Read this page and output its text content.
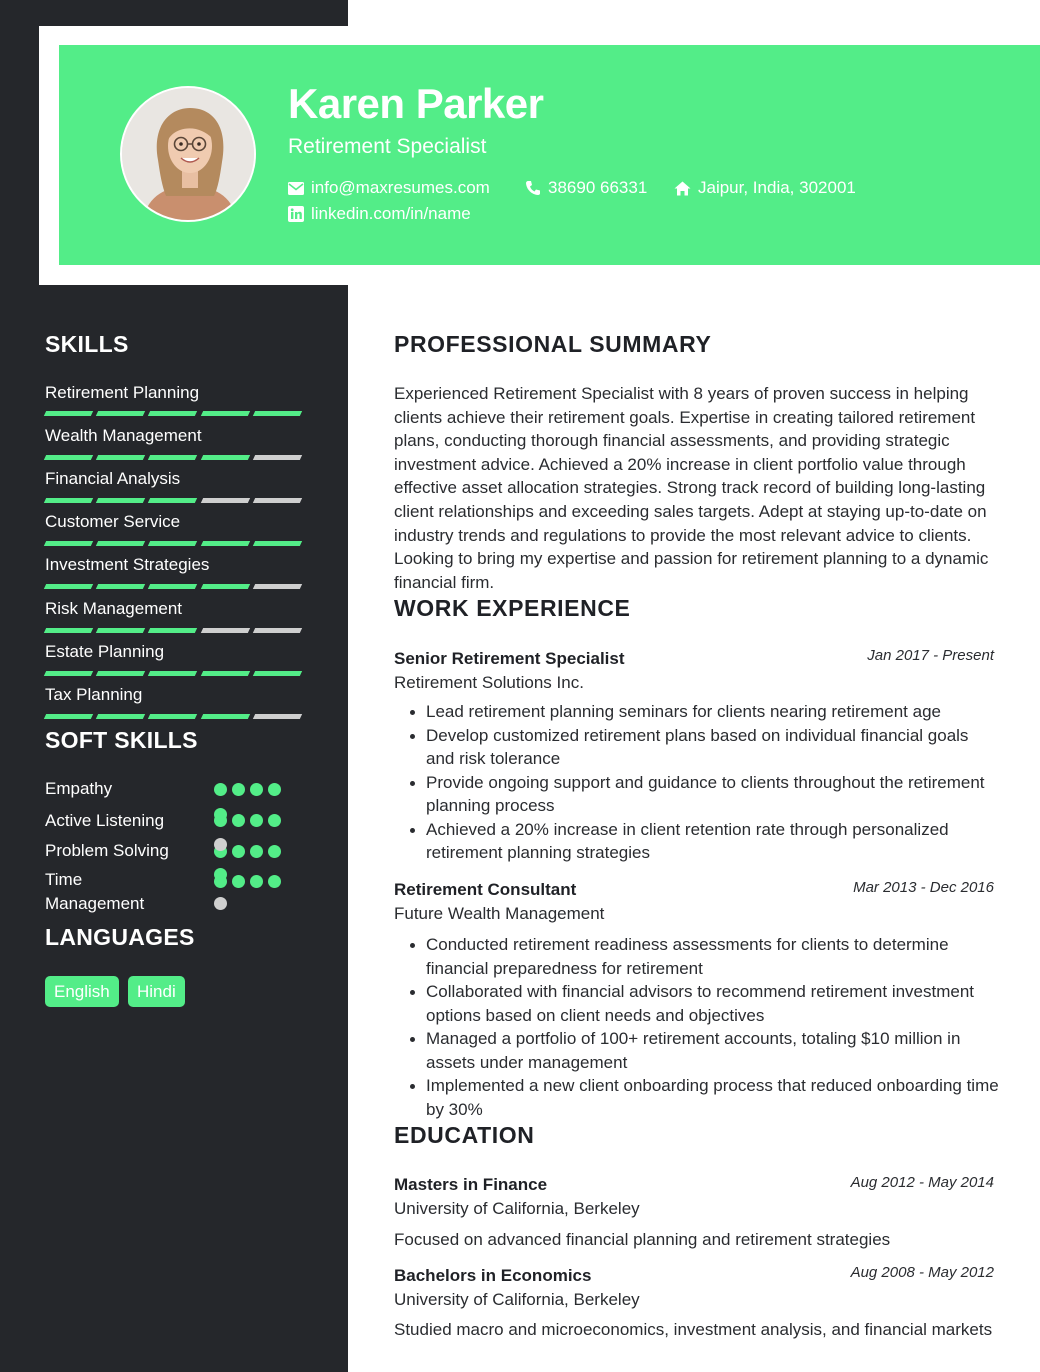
Karen Parker
Retirement Specialist
info@maxresumes.com	38690 66331	Jaipur, India, 302001
linkedin.com/in/name
SKILLS
Retirement Planning
Wealth Management
Financial Analysis
Customer Service
Investment Strategies
Risk Management
Estate Planning
Tax Planning
SOFT SKILLS
Empathy
Active Listening
Problem Solving
Time Management
LANGUAGES
English	Hindi
PROFESSIONAL SUMMARY
Experienced Retirement Specialist with 8 years of proven success in helping clients achieve their retirement goals. Expertise in creating tailored retirement plans, conducting thorough financial assessments, and providing strategic investment advice. Achieved a 20% increase in client portfolio value through effective asset allocation strategies. Strong track record of building long-lasting client relationships and exceeding sales targets. Adept at staying up-to-date on industry trends and regulations to provide the most relevant advice to clients. Looking to bring my expertise and passion for retirement planning to a dynamic financial firm.
WORK EXPERIENCE
Senior Retirement Specialist	Jan 2017 - Present
Retirement Solutions Inc.
Lead retirement planning seminars for clients nearing retirement age
Develop customized retirement plans based on individual financial goals and risk tolerance
Provide ongoing support and guidance to clients throughout the retirement planning process
Achieved a 20% increase in client retention rate through personalized retirement planning strategies
Retirement Consultant	Mar 2013 - Dec 2016
Future Wealth Management
Conducted retirement readiness assessments for clients to determine financial preparedness for retirement
Collaborated with financial advisors to recommend retirement investment options based on client needs and objectives
Managed a portfolio of 100+ retirement accounts, totaling $10 million in assets under management
Implemented a new client onboarding process that reduced onboarding time by 30%
EDUCATION
Masters in Finance	Aug 2012 - May 2014
University of California, Berkeley
Focused on advanced financial planning and retirement strategies
Bachelors in Economics	Aug 2008 - May 2012
University of California, Berkeley
Studied macro and microeconomics, investment analysis, and financial markets
